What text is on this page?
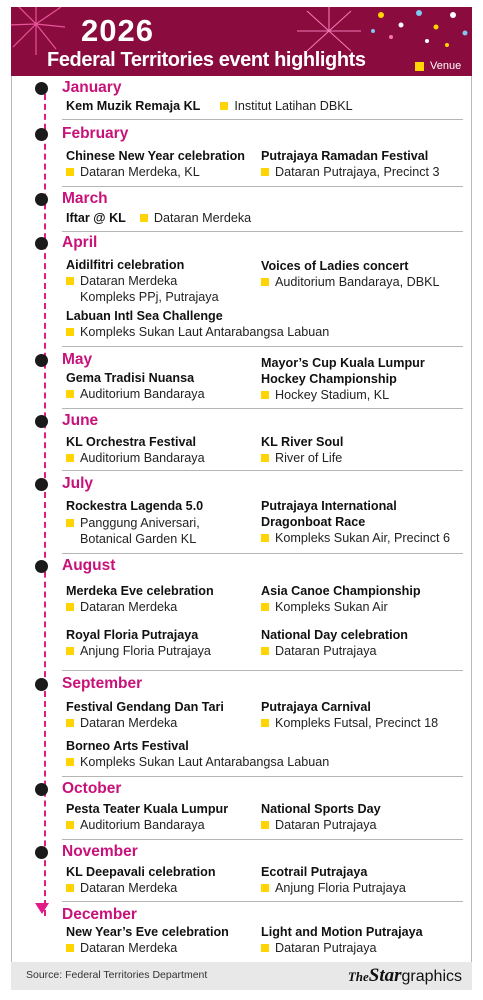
2026
Federal Territories event highlights	Venue
January
Kem Muzik Remaja KL	Institut Latihan DBKL
February
Chinese New Year celebration
Dataran Merdeka, KL
Putrajaya Ramadan Festival
Dataran Putrajaya, Precinct 3
March
Iftar @ KL	Dataran Merdeka
April
Aidilfitri celebration
Dataran Merdeka
Kompleks PPj, Putrajaya
Voices of Ladies concert
Auditorium Bandaraya, DBKL
Labuan Intl Sea Challenge
Kompleks Sukan Laut Antarabangsa Labuan
May
Gema Tradisi Nuansa
Auditorium Bandaraya
Mayor’s Cup Kuala Lumpur
Hockey Championship
Hockey Stadium, KL
June
KL Orchestra Festival
Auditorium Bandaraya
KL River Soul
River of Life
July
Rockestra Lagenda 5.0
Panggung Aniversari,
Botanical Garden KL
Putrajaya International
Dragonboat Race
Kompleks Sukan Air, Precinct 6
August
Merdeka Eve celebration
Dataran Merdeka
Asia Canoe Championship
Kompleks Sukan Air
Royal Floria Putrajaya
Anjung Floria Putrajaya
National Day celebration
Dataran Putrajaya
September
Festival Gendang Dan Tari
Dataran Merdeka
Putrajaya Carnival
Kompleks Futsal, Precinct 18
Borneo Arts Festival
Kompleks Sukan Laut Antarabangsa Labuan
October
Pesta Teater Kuala Lumpur
Auditorium Bandaraya
National Sports Day
Dataran Putrajaya
November
KL Deepavali celebration
Dataran Merdeka
Ecotrail Putrajaya
Anjung Floria Putrajaya
December
New Year’s Eve celebration
Dataran Merdeka
Light and Motion Putrajaya
Dataran Putrajaya
Source: Federal Territories Department	TheStargraphics
